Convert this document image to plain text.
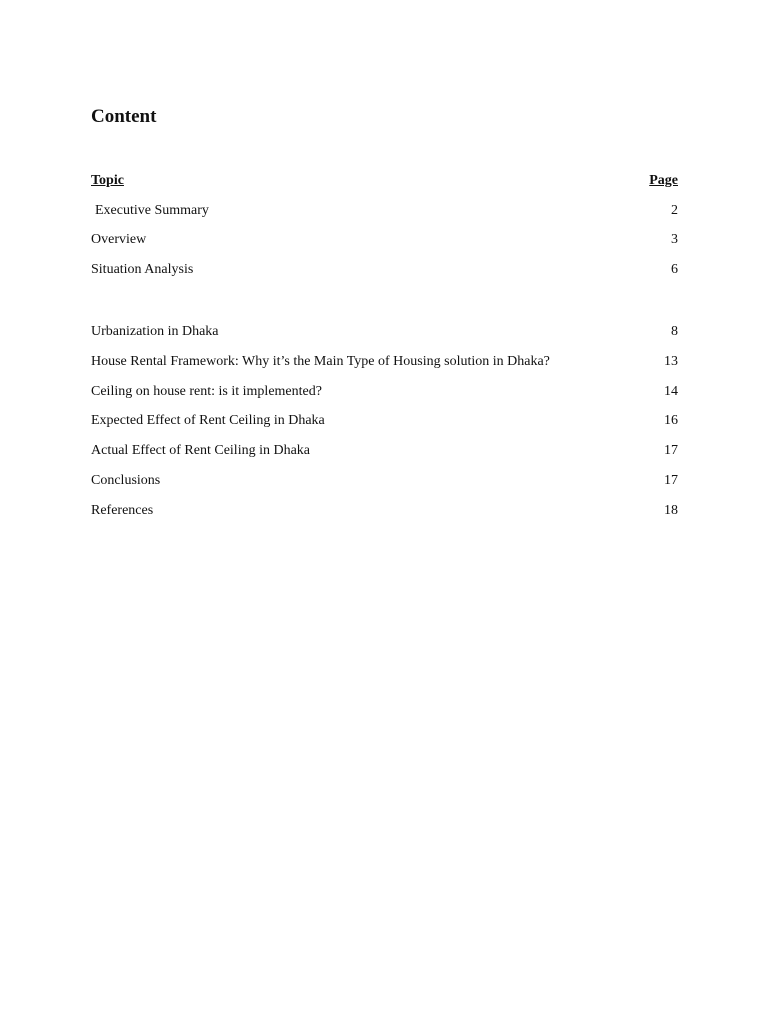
Content
Topic	Page
Executive Summary	2
Overview	3
Situation Analysis	6
Urbanization in Dhaka	8
House Rental Framework: Why it’s the Main Type of Housing solution in Dhaka?	13
Ceiling on house rent: is it implemented?	14
Expected Effect of Rent Ceiling in Dhaka	16
Actual Effect of Rent Ceiling in Dhaka	17
Conclusions	17
References	18
